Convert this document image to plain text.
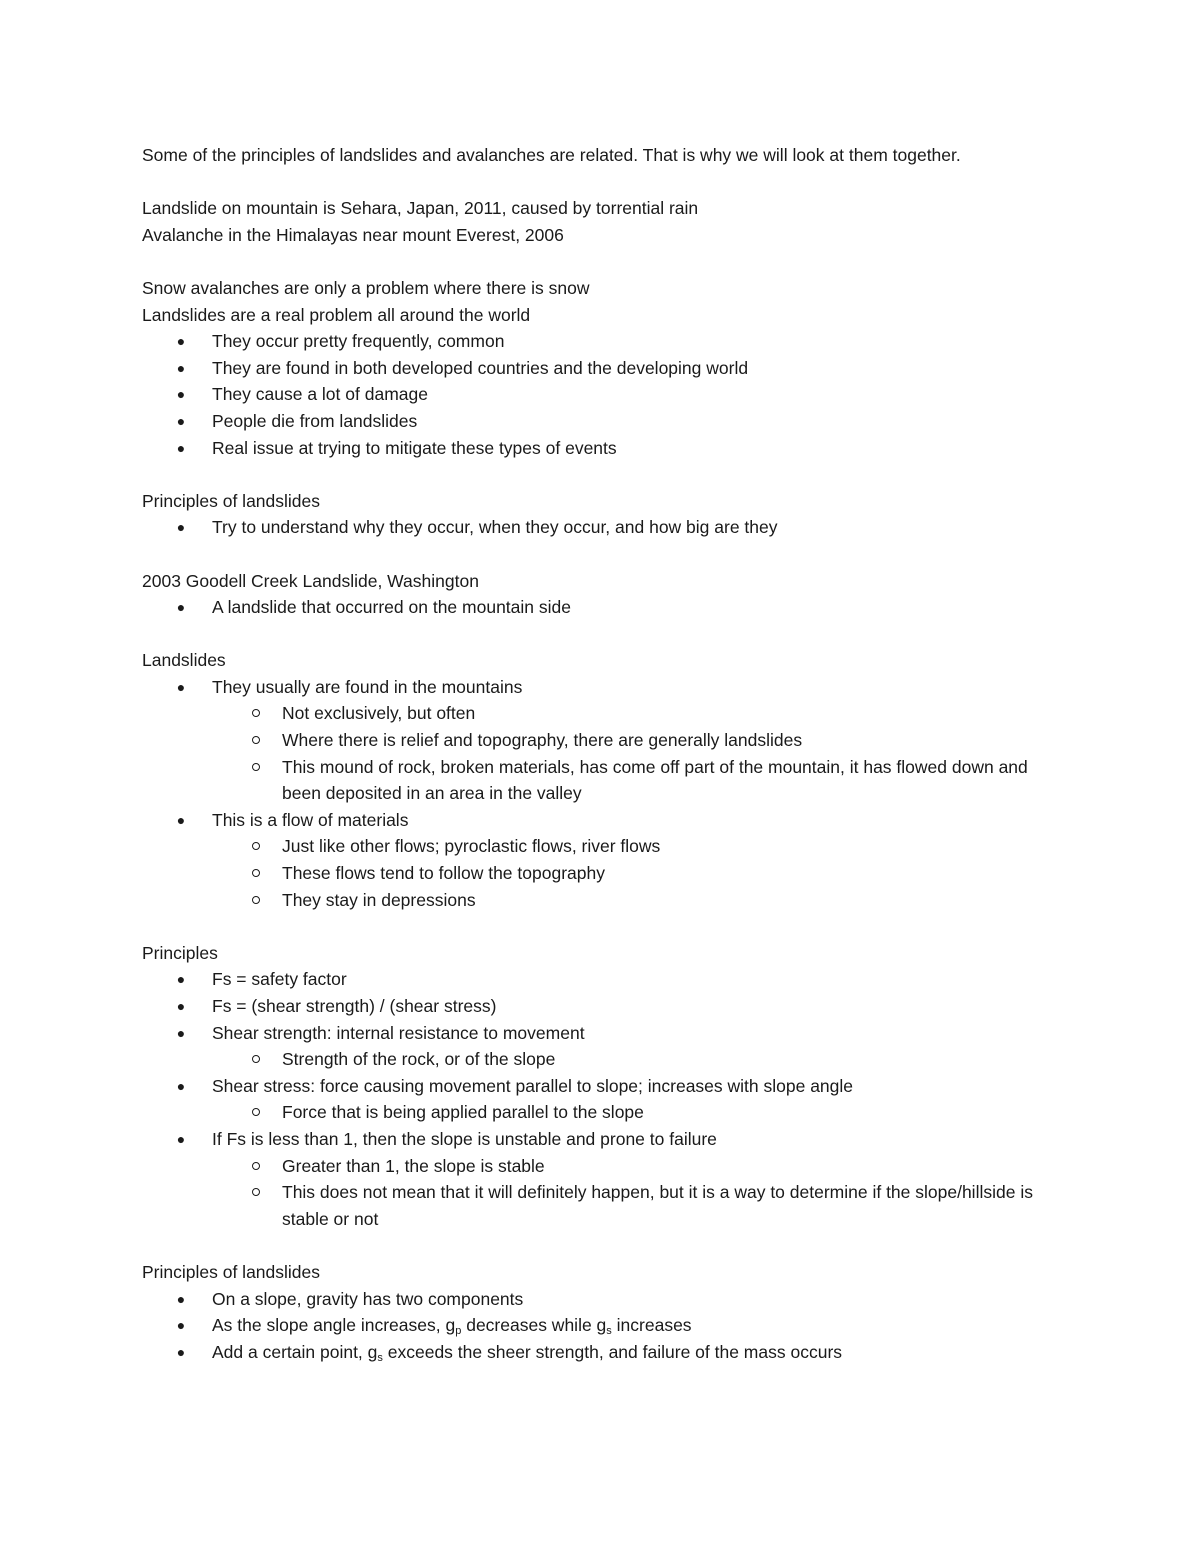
Some of the principles of landslides and avalanches are related. That is why we will look at them together.

Landslide on mountain is Sehara, Japan, 2011, caused by torrential rain

Avalanche in the Himalayas near mount Everest, 2006

Snow avalanches are only a problem where there is snow

Landslides are a real problem all around the world

● They occur pretty frequently, common
● They are found in both developed countries and the developing world
● They cause a lot of damage
● People die from landslides
● Real issue at trying to mitigate these types of events

Principles of landslides

● Try to understand why they occur, when they occur, and how big are they

2003 Goodell Creek Landslide, Washington

● A landslide that occurred on the mountain side

Landslides

● They usually are found in the mountains
Not exclusively, but often
Where there is relief and topography, there are generally landslides
This mound of rock, broken materials, has come off part of the mountain, it has flowed down and been deposited in an area in the valley
● This is a flow of materials
Just like other flows; pyroclastic flows, river flows
These flows tend to follow the topography
They stay in depressions

Principles

● Fs = safety factor
● Fs = (shear strength) / (shear stress)
● Shear strength: internal resistance to movement
Strength of the rock, or of the slope
● Shear stress: force causing movement parallel to slope; increases with slope angle
Force that is being applied parallel to the slope
● If Fs is less than 1, then the slope is unstable and prone to failure
Greater than 1, the slope is stable
This does not mean that it will definitely happen, but it is a way to determine if the slope/hillside is stable or not

Principles of landslides

● On a slope, gravity has two components
● As the slope angle increases, $g_p$ decreases while $g_s$ increases
● Add a certain point, $g_s$ exceeds the sheer strength, and failure of the mass occurs
